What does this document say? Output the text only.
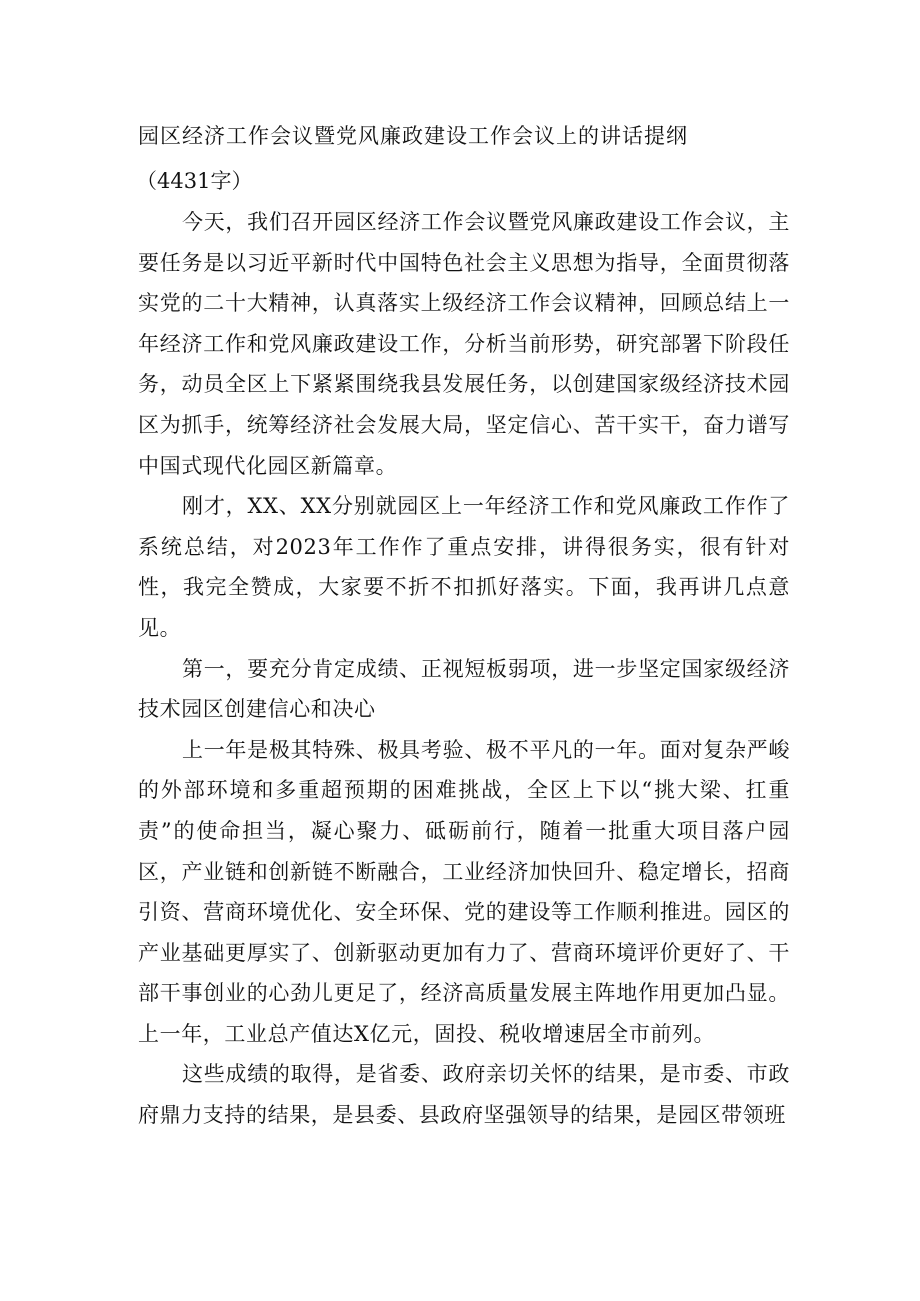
园区经济工作会议暨党风廉政建设工作会议上的讲话提纲
（4431字）

今天，我们召开园区经济工作会议暨党风廉政建设工作会议，主要任务是以习近平新时代中国特色社会主义思想为指导，全面贯彻落实党的二十大精神，认真落实上级经济工作会议精神，回顾总结上一年经济工作和党风廉政建设工作，分析当前形势，研究部署下阶段任务，动员全区上下紧紧围绕我县发展任务，以创建国家级经济技术园区为抓手，统筹经济社会发展大局，坚定信心、苦干实干，奋力谱写中国式现代化园区新篇章。

刚才，XX、XX分别就园区上一年经济工作和党风廉政工作作了系统总结，对2023年工作作了重点安排，讲得很务实，很有针对性，我完全赞成，大家要不折不扣抓好落实。下面，我再讲几点意见。

第一，要充分肯定成绩、正视短板弱项，进一步坚定国家级经济技术园区创建信心和决心

上一年是极其特殊、极具考验、极不平凡的一年。面对复杂严峻的外部环境和多重超预期的困难挑战，全区上下以“挑大梁、扛重责”的使命担当，凝心聚力、砥砺前行，随着一批重大项目落户园区，产业链和创新链不断融合，工业经济加快回升、稳定增长，招商引资、营商环境优化、安全环保、党的建设等工作顺利推进。园区的产业基础更厚实了、创新驱动更加有力了、营商环境评价更好了、干部干事创业的心劲儿更足了，经济高质量发展主阵地作用更加凸显。上一年，工业总产值达X亿元，固投、税收增速居全市前列。

这些成绩的取得，是省委、政府亲切关怀的结果，是市委、市政府鼎力支持的结果，是县委、县政府坚强领导的结果，是园区带领班
